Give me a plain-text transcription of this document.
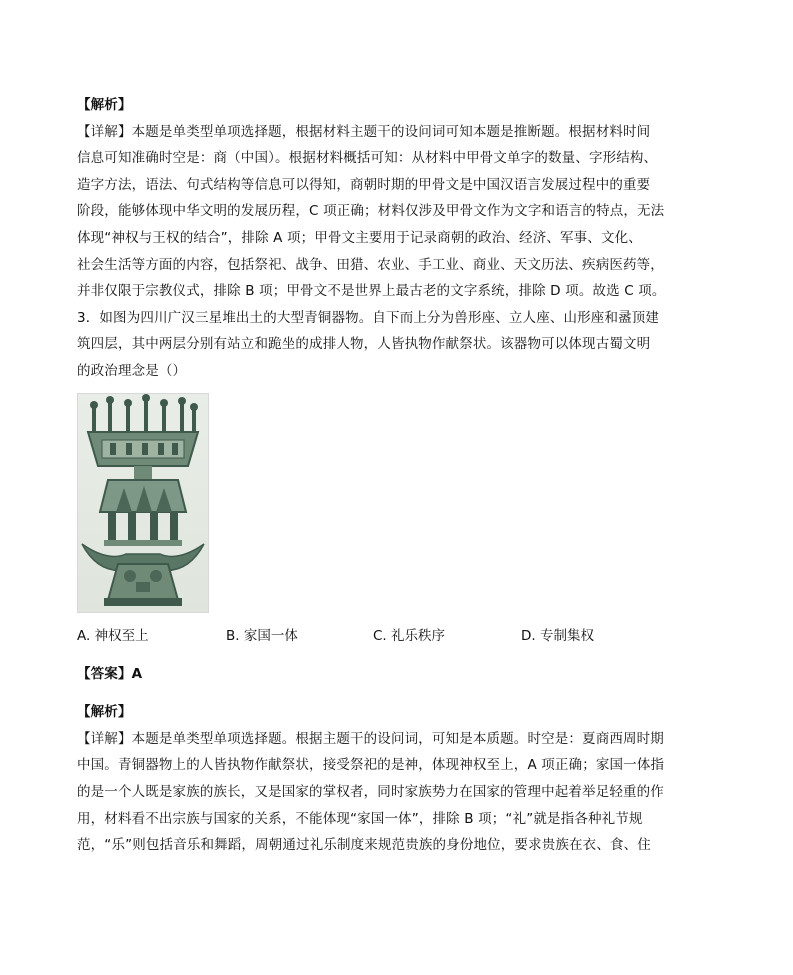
【解析】
【详解】本题是单类型单项选择题，根据材料主题干的设问词可知本题是推断题。根据材料时间
信息可知准确时空是：商（中国）。根据材料概括可知：从材料中甲骨文单字的数量、字形结构、
造字方法，语法、句式结构等信息可以得知，商朝时期的甲骨文是中国汉语言发展过程中的重要
阶段，能够体现中华文明的发展历程，C 项正确；材料仅涉及甲骨文作为文字和语言的特点，无法
体现“神权与王权的结合”，排除 A 项；甲骨文主要用于记录商朝的政治、经济、军事、文化、
社会生活等方面的内容，包括祭祀、战争、田猎、农业、手工业、商业、天文历法、疾病医药等，
并非仅限于宗教仪式，排除 B 项；甲骨文不是世界上最古老的文字系统，排除 D 项。故选 C 项。
3．如图为四川广汉三星堆出土的大型青铜器物。自下而上分为兽形座、立人座、山形座和盝顶建
筑四层，其中两层分别有站立和跪坐的成排人物，人皆执物作献祭状。该器物可以体现古蜀文明
的政治理念是（）
A. 神权至上	B. 家国一体	C. 礼乐秩序	D. 专制集权
【答案】A
【解析】
【详解】本题是单类型单项选择题。根据主题干的设问词，可知是本质题。时空是：夏商西周时期
中国。青铜器物上的人皆执物作献祭状，接受祭祀的是神，体现神权至上，A 项正确；家国一体指
的是一个人既是家族的族长，又是国家的掌权者，同时家族势力在国家的管理中起着举足轻重的作
用，材料看不出宗族与国家的关系，不能体现“家国一体”，排除 B 项；“礼”就是指各种礼节规
范，“乐”则包括音乐和舞蹈，周朝通过礼乐制度来规范贵族的身份地位，要求贵族在衣、食、住
